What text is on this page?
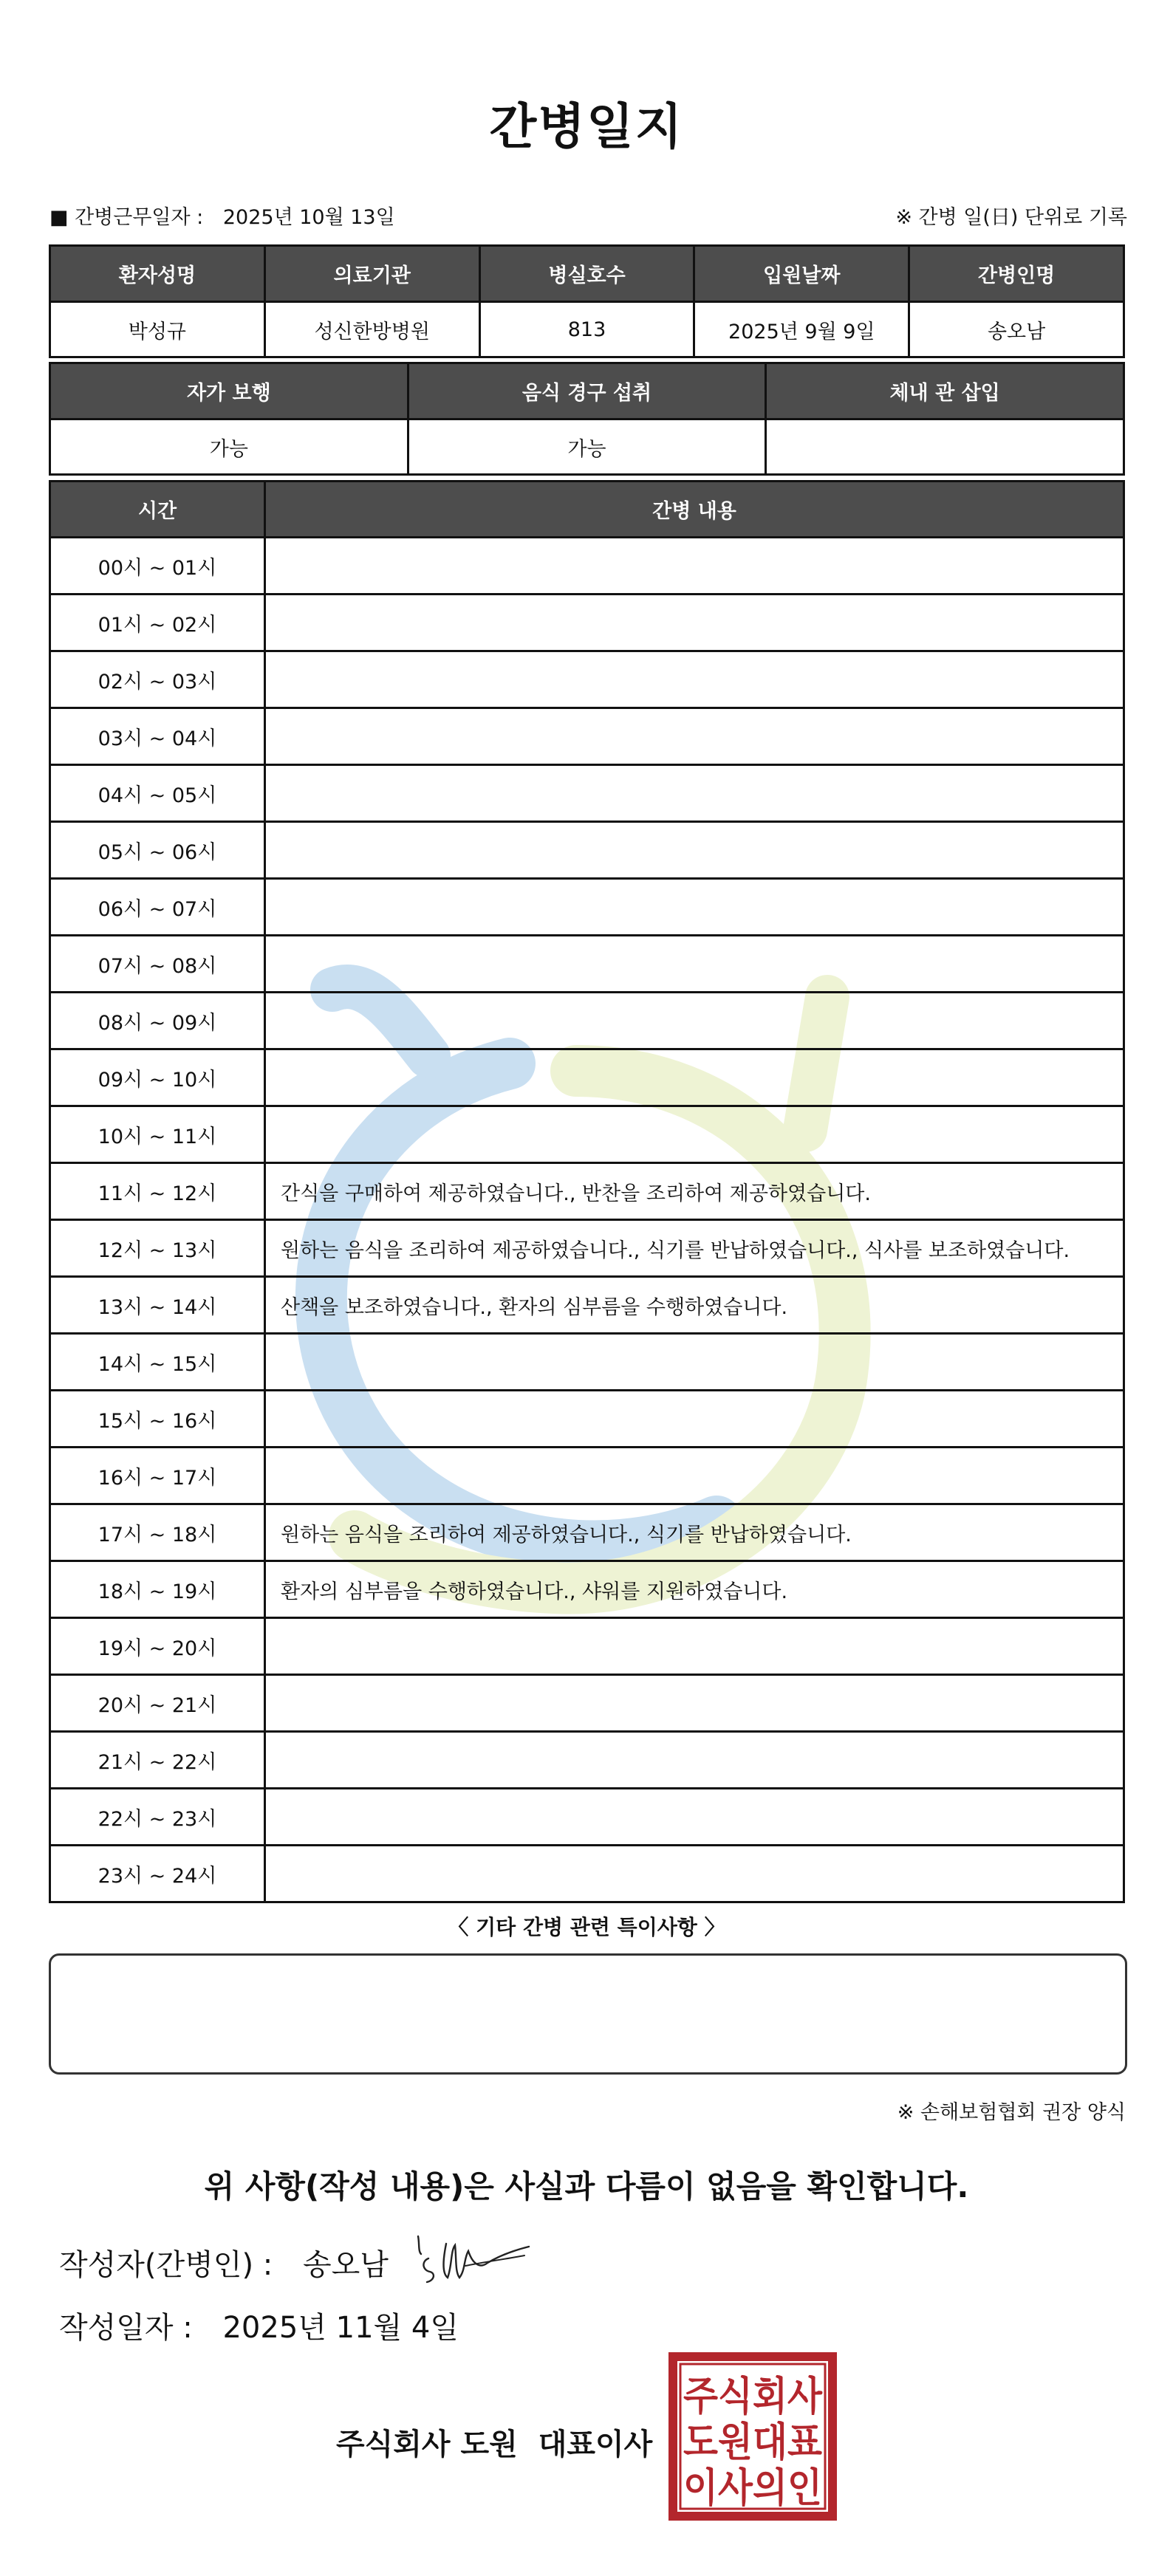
간병일지
■ 간병근무일자 : 2025년 10월 13일	※ 간병 일(日) 단위로 기록
환자성명	의료기관	병실호수	입원날짜	간병인명
박성규	성신한방병원	813	2025년 9월 9일	송오남
자가 보행	음식 경구 섭취	체내 관 삽입
가능	가능	
시간	간병 내용
00시 ~ 01시	
01시 ~ 02시	
02시 ~ 03시	
03시 ~ 04시	
04시 ~ 05시	
05시 ~ 06시	
06시 ~ 07시	
07시 ~ 08시	
08시 ~ 09시	
09시 ~ 10시	
10시 ~ 11시	
11시 ~ 12시	간식을 구매하여 제공하였습니다., 반찬을 조리하여 제공하였습니다.
12시 ~ 13시	원하는 음식을 조리하여 제공하였습니다., 식기를 반납하였습니다., 식사를 보조하였습니다.
13시 ~ 14시	산책을 보조하였습니다., 환자의 심부름을 수행하였습니다.
14시 ~ 15시	
15시 ~ 16시	
16시 ~ 17시	
17시 ~ 18시	원하는 음식을 조리하여 제공하였습니다., 식기를 반납하였습니다.
18시 ~ 19시	환자의 심부름을 수행하였습니다., 샤워를 지원하였습니다.
19시 ~ 20시	
20시 ~ 21시	
21시 ~ 22시	
22시 ~ 23시	
23시 ~ 24시	
〈 기타 간병 관련 특이사항 〉
※ 손해보험협회 권장 양식
위 사항(작성 내용)은 사실과 다름이 없음을 확인합니다.
작성자(간병인) : 송오남
작성일자 : 2025년 11월 4일
주식회사 도원 대표이사
주식회사
도원대표
이사의인
